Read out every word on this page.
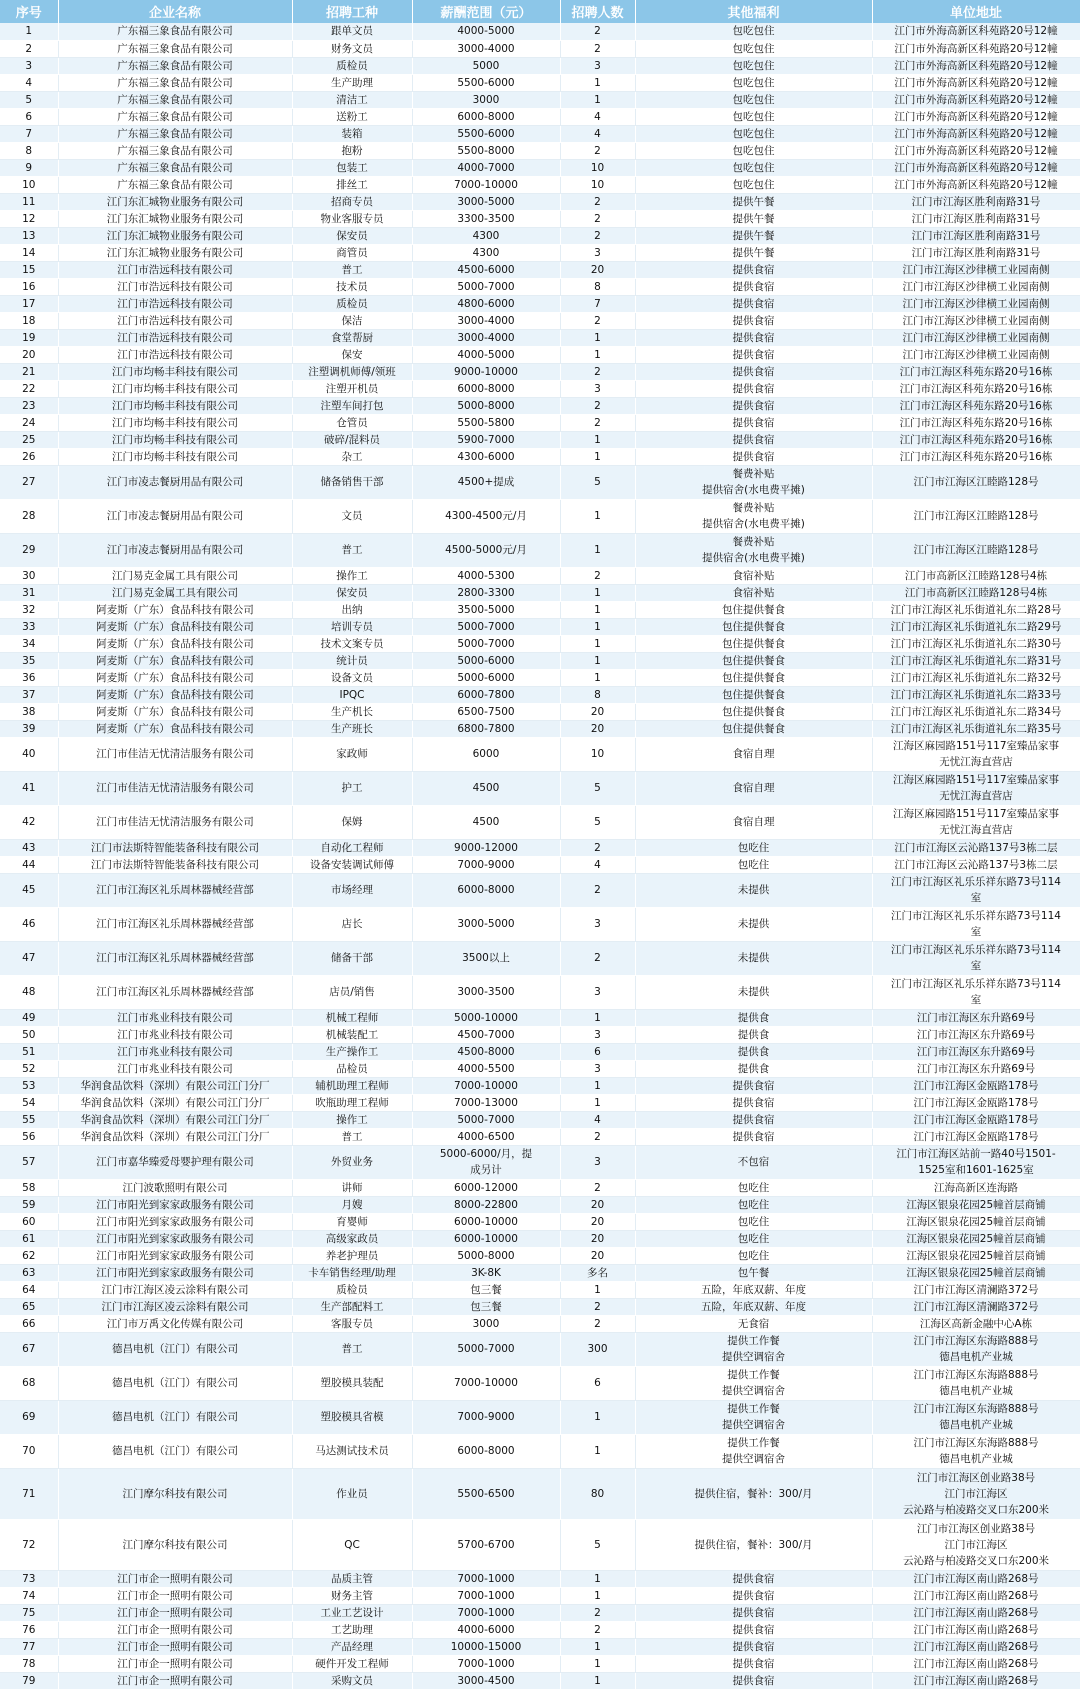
序号	企业名称	招聘工种	薪酬范围（元）	招聘人数	其他福利	单位地址
1	广东福三象食品有限公司	跟单文员	4000-5000	2	包吃包住	江门市外海高新区科苑路20号12幢
2	广东福三象食品有限公司	财务文员	3000-4000	2	包吃包住	江门市外海高新区科苑路20号12幢
3	广东福三象食品有限公司	质检员	5000	3	包吃包住	江门市外海高新区科苑路20号12幢
4	广东福三象食品有限公司	生产助理	5500-6000	1	包吃包住	江门市外海高新区科苑路20号12幢
5	广东福三象食品有限公司	清洁工	3000	1	包吃包住	江门市外海高新区科苑路20号12幢
6	广东福三象食品有限公司	送粉工	6000-8000	4	包吃包住	江门市外海高新区科苑路20号12幢
7	广东福三象食品有限公司	装箱	5500-6000	4	包吃包住	江门市外海高新区科苑路20号12幢
8	广东福三象食品有限公司	抱粉	5500-8000	2	包吃包住	江门市外海高新区科苑路20号12幢
9	广东福三象食品有限公司	包装工	4000-7000	10	包吃包住	江门市外海高新区科苑路20号12幢
10	广东福三象食品有限公司	排丝工	7000-10000	10	包吃包住	江门市外海高新区科苑路20号12幢
11	江门东汇城物业服务有限公司	招商专员	3000-5000	2	提供午餐	江门市江海区胜利南路31号
12	江门东汇城物业服务有限公司	物业客服专员	3300-3500	2	提供午餐	江门市江海区胜利南路31号
13	江门东汇城物业服务有限公司	保安员	4300	2	提供午餐	江门市江海区胜利南路31号
14	江门东汇城物业服务有限公司	商管员	4300	3	提供午餐	江门市江海区胜利南路31号
15	江门市浩远科技有限公司	普工	4500-6000	20	提供食宿	江门市江海区沙律横工业园南侧
16	江门市浩远科技有限公司	技术员	5000-7000	8	提供食宿	江门市江海区沙律横工业园南侧
17	江门市浩远科技有限公司	质检员	4800-6000	7	提供食宿	江门市江海区沙律横工业园南侧
18	江门市浩远科技有限公司	保洁	3000-4000	2	提供食宿	江门市江海区沙律横工业园南侧
19	江门市浩远科技有限公司	食堂帮厨	3000-4000	1	提供食宿	江门市江海区沙律横工业园南侧
20	江门市浩远科技有限公司	保安	4000-5000	1	提供食宿	江门市江海区沙律横工业园南侧
21	江门市均畅丰科技有限公司	注塑调机师傅/领班	9000-10000	2	提供食宿	江门市江海区科苑东路20号16栋
22	江门市均畅丰科技有限公司	注塑开机员	6000-8000	3	提供食宿	江门市江海区科苑东路20号16栋
23	江门市均畅丰科技有限公司	注塑车间打包	5000-8000	2	提供食宿	江门市江海区科苑东路20号16栋
24	江门市均畅丰科技有限公司	仓管员	5500-5800	2	提供食宿	江门市江海区科苑东路20号16栋
25	江门市均畅丰科技有限公司	破碎/混料员	5900-7000	1	提供食宿	江门市江海区科苑东路20号16栋
26	江门市均畅丰科技有限公司	杂工	4300-6000	1	提供食宿	江门市江海区科苑东路20号16栋
27	江门市凌志餐厨用品有限公司	储备销售干部	4500+提成	5	餐费补贴
提供宿舍(水电费平摊)	江门市江海区江睦路128号
28	江门市凌志餐厨用品有限公司	文员	4300-4500元/月	1	餐费补贴
提供宿舍(水电费平摊)	江门市江海区江睦路128号
29	江门市凌志餐厨用品有限公司	普工	4500-5000元/月	1	餐费补贴
提供宿舍(水电费平摊)	江门市江海区江睦路128号
30	江门易克金属工具有限公司	操作工	4000-5300	2	食宿补贴	江门市高新区江睦路128号4栋
31	江门易克金属工具有限公司	保安员	2800-3300	1	食宿补贴	江门市高新区江睦路128号4栋
32	阿麦斯（广东）食品科技有限公司	出纳	3500-5000	1	包住提供餐食	江门市江海区礼乐街道礼东二路28号
33	阿麦斯（广东）食品科技有限公司	培训专员	5000-7000	1	包住提供餐食	江门市江海区礼乐街道礼东二路29号
34	阿麦斯（广东）食品科技有限公司	技术文案专员	5000-7000	1	包住提供餐食	江门市江海区礼乐街道礼东二路30号
35	阿麦斯（广东）食品科技有限公司	统计员	5000-6000	1	包住提供餐食	江门市江海区礼乐街道礼东二路31号
36	阿麦斯（广东）食品科技有限公司	设备文员	5000-6000	1	包住提供餐食	江门市江海区礼乐街道礼东二路32号
37	阿麦斯（广东）食品科技有限公司	IPQC	6000-7800	8	包住提供餐食	江门市江海区礼乐街道礼东二路33号
38	阿麦斯（广东）食品科技有限公司	生产机长	6500-7500	20	包住提供餐食	江门市江海区礼乐街道礼东二路34号
39	阿麦斯（广东）食品科技有限公司	生产班长	6800-7800	20	包住提供餐食	江门市江海区礼乐街道礼东二路35号
40	江门市佳洁无忧清洁服务有限公司	家政师	6000	10	食宿自理	江海区麻园路151号117室臻品家事
无忧江海直营店
41	江门市佳洁无忧清洁服务有限公司	护工	4500	5	食宿自理	江海区麻园路151号117室臻品家事
无忧江海直营店
42	江门市佳洁无忧清洁服务有限公司	保姆	4500	5	食宿自理	江海区麻园路151号117室臻品家事
无忧江海直营店
43	江门市法斯特智能装备科技有限公司	自动化工程师	9000-12000	2	包吃住	江门市江海区云沁路137号3栋二层
44	江门市法斯特智能装备科技有限公司	设备安装调试师傅	7000-9000	4	包吃住	江门市江海区云沁路137号3栋二层
45	江门市江海区礼乐周林器械经营部	市场经理	6000-8000	2	未提供	江门市江海区礼乐乐祥东路73号114
室
46	江门市江海区礼乐周林器械经营部	店长	3000-5000	3	未提供	江门市江海区礼乐乐祥东路73号114
室
47	江门市江海区礼乐周林器械经营部	储备干部	3500以上	2	未提供	江门市江海区礼乐乐祥东路73号114
室
48	江门市江海区礼乐周林器械经营部	店员/销售	3000-3500	3	未提供	江门市江海区礼乐乐祥东路73号114
室
49	江门市兆业科技有限公司	机械工程师	5000-10000	1	提供食	江门市江海区东升路69号
50	江门市兆业科技有限公司	机械装配工	4500-7000	3	提供食	江门市江海区东升路69号
51	江门市兆业科技有限公司	生产操作工	4500-8000	6	提供食	江门市江海区东升路69号
52	江门市兆业科技有限公司	品检员	4000-5500	3	提供食	江门市江海区东升路69号
53	华润食品饮料（深圳）有限公司江门分厂	辅机助理工程师	7000-10000	1	提供食宿	江门市江海区金瓯路178号
54	华润食品饮料（深圳）有限公司江门分厂	吹瓶助理工程师	7000-13000	1	提供食宿	江门市江海区金瓯路178号
55	华润食品饮料（深圳）有限公司江门分厂	操作工	5000-7000	4	提供食宿	江门市江海区金瓯路178号
56	华润食品饮料（深圳）有限公司江门分厂	普工	4000-6500	2	提供食宿	江门市江海区金瓯路178号
57	江门市嘉华臻爱母婴护理有限公司	外贸业务	5000-6000/月，提
成另计	3	不包宿	江门市江海区站前一路40号1501-
1525室和1601-1625室
58	江门波歌照明有限公司	讲师	6000-12000	2	包吃住	江海高新区连海路
59	江门市阳光到家家政服务有限公司	月嫂	8000-22800	20	包吃住	江海区银泉花园25幢首层商铺
60	江门市阳光到家家政服务有限公司	育婴师	6000-10000	20	包吃住	江海区银泉花园25幢首层商铺
61	江门市阳光到家家政服务有限公司	高级家政员	6000-10000	20	包吃住	江海区银泉花园25幢首层商铺
62	江门市阳光到家家政服务有限公司	养老护理员	5000-8000	20	包吃住	江海区银泉花园25幢首层商铺
63	江门市阳光到家家政服务有限公司	卡车销售经理/助理	3K-8K	多名	包午餐	江海区银泉花园25幢首层商铺
64	江门市江海区凌云涂料有限公司	质检员	包三餐	1	五险，年底双薪、年度	江门市江海区清澜路372号
65	江门市江海区凌云涂料有限公司	生产部配料工	包三餐	2	五险，年底双薪、年度	江门市江海区清澜路372号
66	江门市万禹文化传媒有限公司	客服专员	3000	2	无食宿	江海区高新金融中心A栋
67	德昌电机（江门）有限公司	普工	5000-7000	300	提供工作餐
提供空调宿舍	江门市江海区东海路888号
德昌电机产业城
68	德昌电机（江门）有限公司	塑胶模具装配	7000-10000	6	提供工作餐
提供空调宿舍	江门市江海区东海路888号
德昌电机产业城
69	德昌电机（江门）有限公司	塑胶模具省模	7000-9000	1	提供工作餐
提供空调宿舍	江门市江海区东海路888号
德昌电机产业城
70	德昌电机（江门）有限公司	马达测试技术员	6000-8000	1	提供工作餐
提供空调宿舍	江门市江海区东海路888号
德昌电机产业城
71	江门摩尔科技有限公司	作业员	5500-6500	80	提供住宿，餐补：300/月	江门市江海区创业路38号
江门市江海区
云沁路与柏凌路交叉口东200米
72	江门摩尔科技有限公司	QC	5700-6700	5	提供住宿，餐补：300/月	江门市江海区创业路38号
江门市江海区
云沁路与柏凌路交叉口东200米
73	江门市企一照明有限公司	品质主管	7000-1000	1	提供食宿	江门市江海区南山路268号
74	江门市企一照明有限公司	财务主管	7000-1000	1	提供食宿	江门市江海区南山路268号
75	江门市企一照明有限公司	工业工艺设计	7000-1000	2	提供食宿	江门市江海区南山路268号
76	江门市企一照明有限公司	工艺助理	4000-6000	2	提供食宿	江门市江海区南山路268号
77	江门市企一照明有限公司	产品经理	10000-15000	1	提供食宿	江门市江海区南山路268号
78	江门市企一照明有限公司	硬件开发工程师	7000-1000	1	提供食宿	江门市江海区南山路268号
79	江门市企一照明有限公司	采购文员	3000-4500	1	提供食宿	江门市江海区南山路268号
